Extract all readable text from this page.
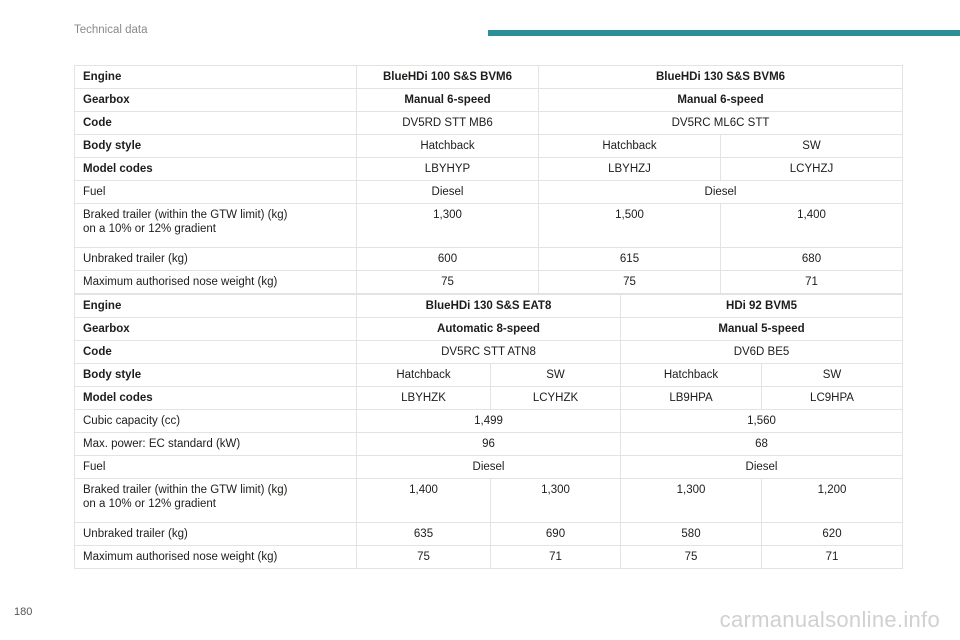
Technical data
Engine	BlueHDi 100 S&S BVM6	BlueHDi 130 S&S BVM6	
Gearbox	Manual 6-speed	Manual 6-speed	
Code	DV5RD STT MB6	DV5RC ML6C STT	
Body style	Hatchback	Hatchback	SW
Model codes	LBYHYP	LBYHZJ	LCYHZJ
Fuel	Diesel	Diesel	
Braked trailer (within the GTW limit) (kg)
on a 10% or 12% gradient	1,300	1,500	1,400
Unbraked trailer (kg)	600	615	680
Maximum authorised nose weight (kg)	75	75	71
Engine	BlueHDi 130 S&S EAT8		HDi 92 BVM5	
Gearbox	Automatic 8-speed		Manual 5-speed	
Code	DV5RC STT ATN8		DV6D BE5	
Body style	Hatchback	SW	Hatchback	SW
Model codes	LBYHZK	LCYHZK	LB9HPA	LC9HPA
Cubic capacity (cc)	1,499		1,560	
Max. power: EC standard (kW)	96		68	
Fuel	Diesel		Diesel	
Braked trailer (within the GTW limit) (kg)
on a 10% or 12% gradient	1,400	1,300	1,300	1,200
Unbraked trailer (kg)	635	690	580	620
Maximum authorised nose weight (kg)	75	71	75	71
180	carmanualsonline.info
